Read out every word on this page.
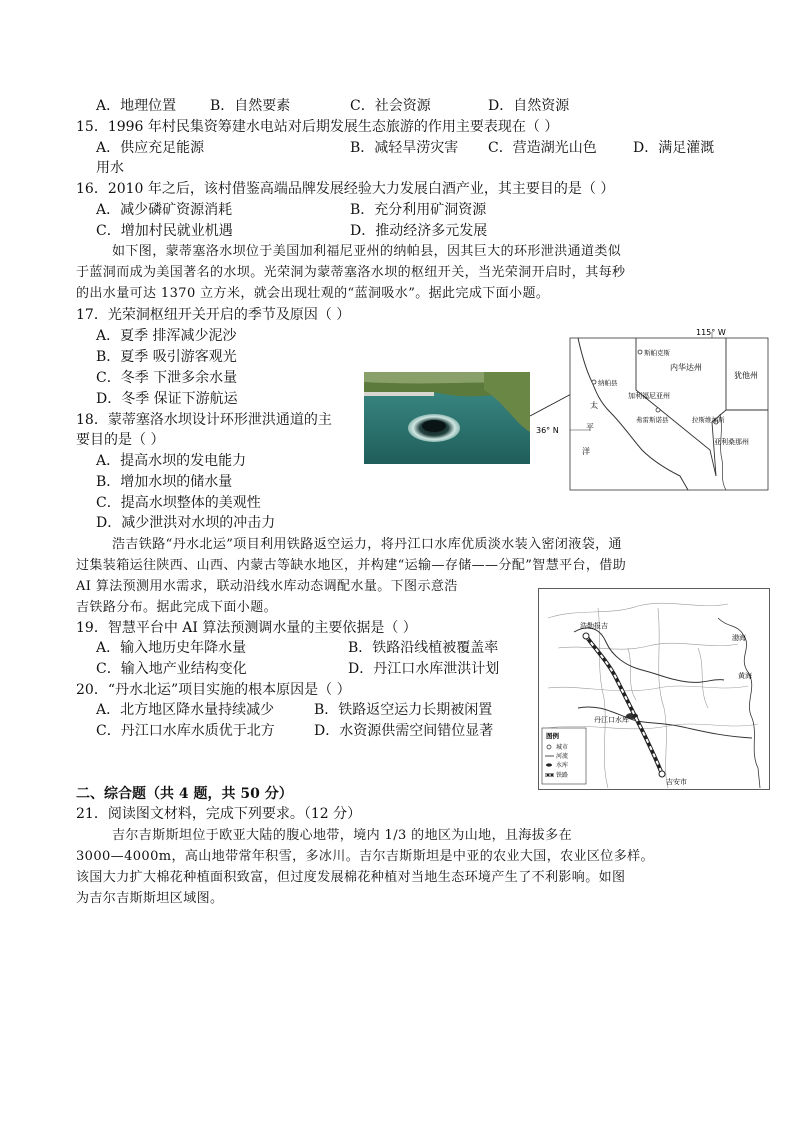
A．地理位置 B．自然要素	C．社会资源	D．自然资源
15．1996 年村民集资筹建水电站对后期发展生态旅游的作用主要表现在（ ）
A．供应充足能源	B．减轻旱涝灾害 C．营造湖光山色	D．满足灌溉
用水
16．2010 年之后，该村借鉴高端品牌发展经验大力发展白酒产业，其主要目的是（ ）
A．减少磷矿资源消耗	B．充分利用矿洞资源
C．增加村民就业机遇	D．推动经济多元发展
如下图，蒙蒂塞洛水坝位于美国加利福尼亚州的纳帕县，因其巨大的环形泄洪通道类似
于蓝洞而成为美国著名的水坝。光荣洞为蒙蒂塞洛水坝的枢纽开关，当光荣洞开启时，其每秒
的出水量可达 1370 立方米，就会出现壮观的“蓝洞吸水”。据此完成下面小题。
17．光荣洞枢纽开关开启的季节及原因（ ）
A．夏季 排浑减少泥沙
B．夏季 吸引游客观光
C．冬季 下泄多余水量
D．冬季 保证下游航运
18．蒙蒂塞洛水坝设计环形泄洪通道的主
要目的是（ ）
A．提高水坝的发电能力
B．增加水坝的储水量
C．提高水坝整体的美观性
D．减少泄洪对水坝的冲击力
115° W
36° N
内华达州
犹他州
加利福尼亚州
亚利桑那州
太
平
洋
斯帕克斯
纳帕县
弗雷斯诺县	拉斯维加斯
浩吉铁路“丹水北运”项目利用铁路返空运力，将丹江口水库优质淡水装入密闭液袋，通
过集装箱运往陕西、山西、内蒙古等缺水地区，并构建“运输—存储——分配”智慧平台，借助
AI 算法预测用水需求，联动沿线水库动态调配水量。下图示意浩
吉铁路分布。据此完成下面小题。
19．智慧平台中 AI 算法预测调水量的主要依据是（ ）
A．输入地历史年降水量	B．铁路沿线植被覆盖率
C．输入地产业结构变化	D．丹江口水库泄洪计划
20．“丹水北运”项目实施的根本原因是（ ）
A．北方地区降水量持续减少	B．铁路返空运力长期被闲置
C．丹江口水库水质优于北方	D．水资源供需空间错位显著
渤海
黄海
浩勒报吉
丹江口水库
吉安市
图例
城市
河流
水库
铁路
二、综合题（共 4 题，共 50 分）
21．阅读图文材料，完成下列要求。（12 分）
吉尔吉斯斯坦位于欧亚大陆的腹心地带，境内 1/3 的地区为山地，且海拔多在
3000—4000m，高山地带常年积雪，多冰川。吉尔吉斯斯坦是中亚的农业大国，农业区位多样。
该国大力扩大棉花种植面积致富，但过度发展棉花种植对当地生态环境产生了不利影响。如图
为吉尔吉斯斯坦区域图。
